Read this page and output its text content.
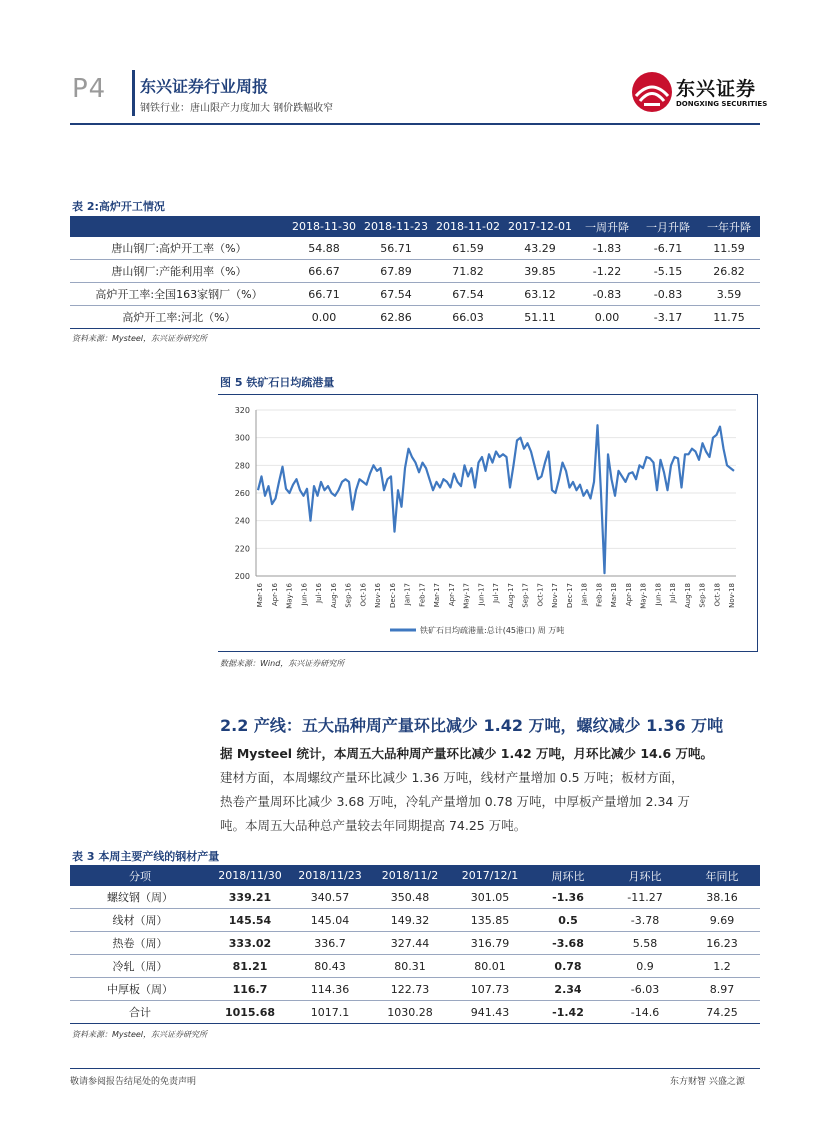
P4 东兴证券行业周报
钢铁行业：唐山限产力度加大 钢价跌幅收窄
东兴证券
DONGXING SECURITIES
表 2:高炉开工情况
	2018-11-30	2018-11-23	2018-11-02	2017-12-01	一周升降	一月升降	一年升降
唐山钢厂:高炉开工率（%）	54.88	56.71	61.59	43.29	-1.83	-6.71	11.59
唐山钢厂:产能利用率（%）	66.67	67.89	71.82	39.85	-1.22	-5.15	26.82
高炉开工率:全国163家钢厂（%）	66.71	67.54	67.54	63.12	-0.83	-0.83	3.59
高炉开工率:河北（%）	0.00	62.86	66.03	51.11	0.00	-3.17	11.75
资料来源：Mysteel，东兴证券研究所
图 5 铁矿石日均疏港量
200
220
240
260
280
300
320
Mar-16 Apr-16 May-16 Jun-16 Jul-16 Aug-16 Sep-16 Oct-16 Nov-16 Dec-16 Jan-17 Feb-17 Mar-17 Apr-17 May-17 Jun-17 Jul-17 Aug-17 Sep-17 Oct-17 Nov-17 Dec-17 Jan-18 Feb-18 Mar-18 Apr-18 May-18 Jun-18 Jul-18 Aug-18 Sep-18 Oct-18 Nov-18
铁矿石日均疏港量:总计(45港口) 周 万吨
数据来源：Wind，东兴证券研究所
2.2 产线：五大品种周产量环比减少 1.42 万吨，螺纹减少 1.36 万吨
据 Mysteel 统计，本周五大品种周产量环比减少 1.42 万吨，月环比减少 14.6 万吨。
建材方面，本周螺纹产量环比减少 1.36 万吨，线材产量增加 0.5 万吨；板材方面，
热卷产量周环比减少 3.68 万吨，冷轧产量增加 0.78 万吨，中厚板产量增加 2.34 万
吨。本周五大品种总产量较去年同期提高 74.25 万吨。
表 3 本周主要产线的钢材产量
分项	2018/11/30	2018/11/23	2018/11/2	2017/12/1	周环比	月环比	年同比
螺纹钢（周）	339.21	340.57	350.48	301.05	-1.36	-11.27	38.16
线材（周）	145.54	145.04	149.32	135.85	0.5	-3.78	9.69
热卷（周）	333.02	336.7	327.44	316.79	-3.68	5.58	16.23
冷轧（周）	81.21	80.43	80.31	80.01	0.78	0.9	1.2
中厚板（周）	116.7	114.36	122.73	107.73	2.34	-6.03	8.97
合计	1015.68	1017.1	1030.28	941.43	-1.42	-14.6	74.25
资料来源：Mysteel，东兴证券研究所
敬请参阅报告结尾处的免责声明	东方财智 兴盛之源
